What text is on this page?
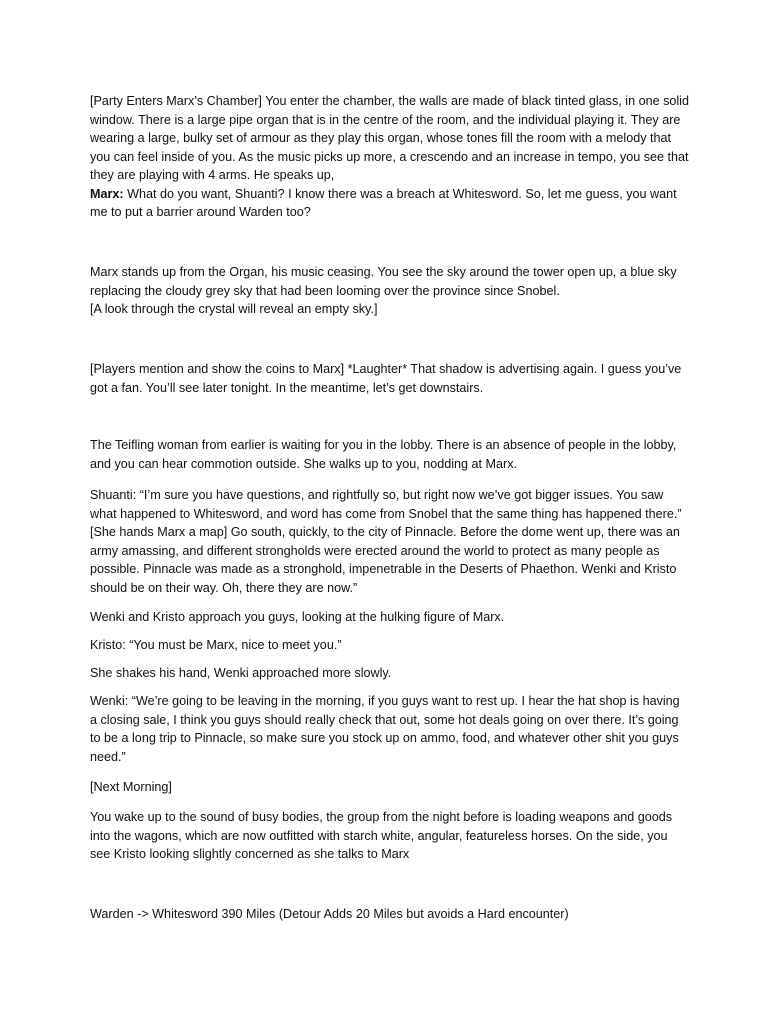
[Party Enters Marx’s Chamber] You enter the chamber, the walls are made of black tinted glass, in one solid window. There is a large pipe organ that is in the centre of the room, and the individual playing it. They are wearing a large, bulky set of armour as they play this organ, whose tones fill the room with a melody that you can feel inside of you. As the music picks up more, a crescendo and an increase in tempo, you see that they are playing with 4 arms. He speaks up,
Marx: What do you want, Shuanti? I know there was a breach at Whitesword. So, let me guess, you want me to put a barrier around Warden too?

Marx stands up from the Organ, his music ceasing. You see the sky around the tower open up, a blue sky replacing the cloudy grey sky that had been looming over the province since Snobel.
[A look through the crystal will reveal an empty sky.]

[Players mention and show the coins to Marx] *Laughter* That shadow is advertising again. I guess you’ve got a fan. You’ll see later tonight. In the meantime, let’s get downstairs.

The Teifling woman from earlier is waiting for you in the lobby. There is an absence of people in the lobby, and you can hear commotion outside. She walks up to you, nodding at Marx.

Shuanti: “I’m sure you have questions, and rightfully so, but right now we’ve got bigger issues. You saw what happened to Whitesword, and word has come from Snobel that the same thing has happened there.” [She hands Marx a map] Go south, quickly, to the city of Pinnacle. Before the dome went up, there was an army amassing, and different strongholds were erected around the world to protect as many people as possible. Pinnacle was made as a stronghold, impenetrable in the Deserts of Phaethon. Wenki and Kristo should be on their way. Oh, there they are now.”

Wenki and Kristo approach you guys, looking at the hulking figure of Marx.

Kristo: “You must be Marx, nice to meet you.”

She shakes his hand, Wenki approached more slowly.

Wenki: “We’re going to be leaving in the morning, if you guys want to rest up. I hear the hat shop is having a closing sale, I think you guys should really check that out, some hot deals going on over there. It’s going to be a long trip to Pinnacle, so make sure you stock up on ammo, food, and whatever other shit you guys need.”

[Next Morning]

You wake up to the sound of busy bodies, the group from the night before is loading weapons and goods into the wagons, which are now outfitted with starch white, angular, featureless horses. On the side, you see Kristo looking slightly concerned as she talks to Marx

Warden -> Whitesword 390 Miles (Detour Adds 20 Miles but avoids a Hard encounter)
